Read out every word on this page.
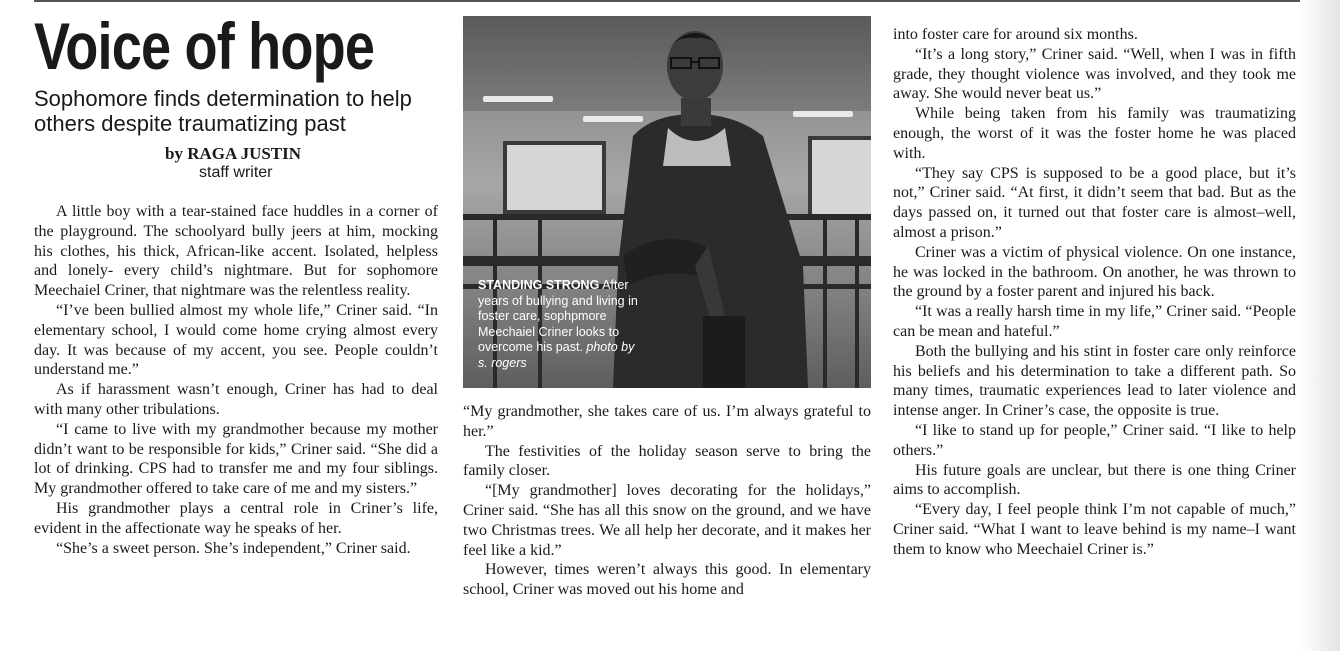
Voice of hope
Sophomore finds determination to help others despite traumatizing past
by RAGA JUSTIN
staff writer

A little boy with a tear-stained face huddles in a corner of the playground. The schoolyard bully jeers at him, mocking his clothes, his thick, African-like accent. Isolated, helpless and lonely- every child’s nightmare. But for sophomore Meechaiel Criner, that nightmare was the relentless reality.

“I’ve been bullied almost my whole life,” Criner said. “In elementary school, I would come home crying almost every day. It was because of my accent, you see. People couldn’t understand me.”

As if harassment wasn’t enough, Criner has had to deal with many other tribulations.

“I came to live with my grandmother because my mother didn’t want to be responsible for kids,” Criner said. “She did a lot of drinking. CPS had to transfer me and my four siblings. My grandmother offered to take care of me and my sisters.”

His grandmother plays a central role in Criner’s life, evident in the affectionate way he speaks of her.

“She’s a sweet person. She’s independent,” Criner said.

STANDING STRONG After years of bullying and living in foster care, sophpmore Meechaiel Criner looks to overcome his past. photo by s. rogers

“My grandmother, she takes care of us. I’m always grateful to her.”

The festivities of the holiday season serve to bring the family closer.

“[My grandmother] loves decorating for the holidays,” Criner said. “She has all this snow on the ground, and we have two Christmas trees. We all help her decorate, and it makes her feel like a kid.”

However, times weren’t always this good. In elementary school, Criner was moved out his home and

into foster care for around six months.

“It’s a long story,” Criner said. “Well, when I was in fifth grade, they thought violence was involved, and they took me away. She would never beat us.”

While being taken from his family was traumatizing enough, the worst of it was the foster home he was placed with.

“They say CPS is supposed to be a good place, but it’s not,” Criner said. “At first, it didn’t seem that bad. But as the days passed on, it turned out that foster care is almost–well, almost a prison.”

Criner was a victim of physical violence. On one instance, he was locked in the bathroom. On another, he was thrown to the ground by a foster parent and injured his back.

“It was a really harsh time in my life,” Criner said. “People can be mean and hateful.”

Both the bullying and his stint in foster care only reinforce his beliefs and his determination to take a different path. So many times, traumatic experiences lead to later violence and intense anger. In Criner’s case, the opposite is true.

“I like to stand up for people,” Criner said. “I like to help others.”

His future goals are unclear, but there is one thing Criner aims to accomplish.

“Every day, I feel people think I’m not capable of much,” Criner said. “What I want to leave behind is my name–I want them to know who Meechaiel Criner is.”
